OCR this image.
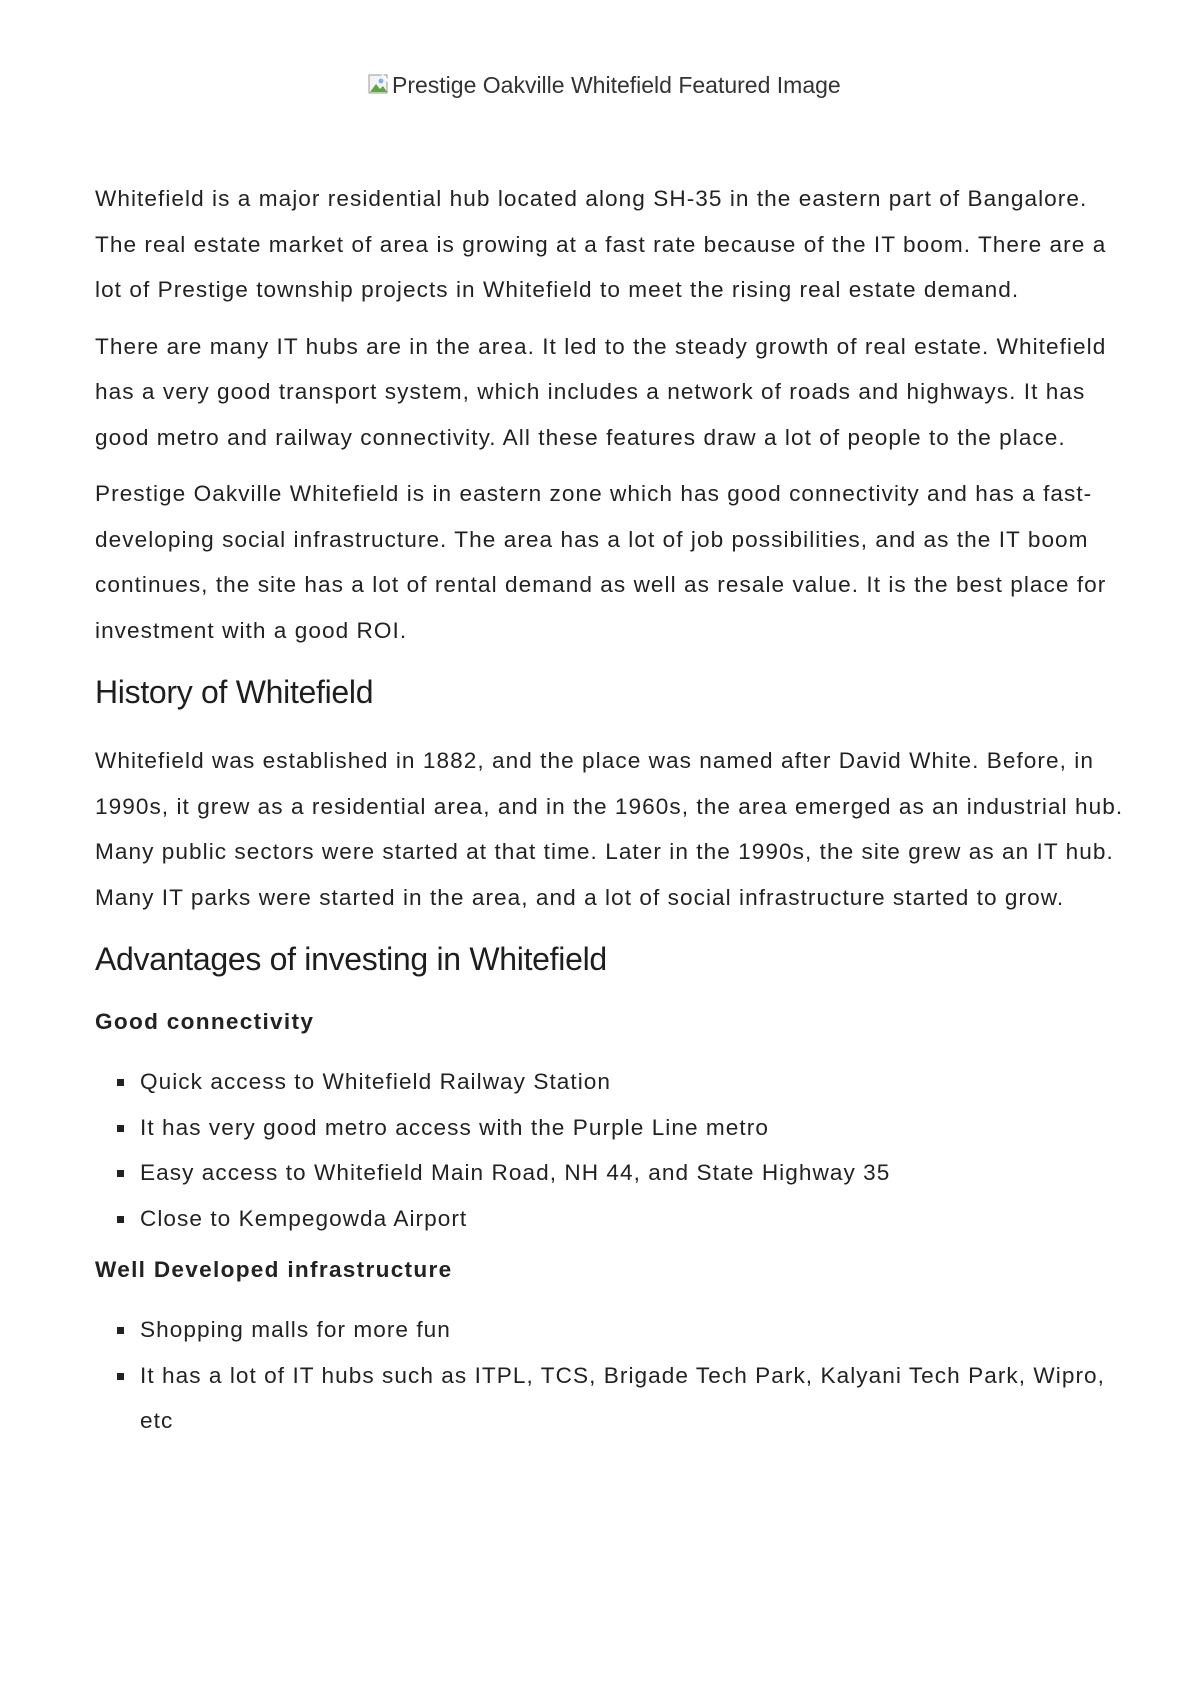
Prestige Oakville Whitefield Featured Image

Whitefield is a major residential hub located along SH-35 in the eastern part of Bangalore. The real estate market of area is growing at a fast rate because of the IT boom. There are a lot of Prestige township projects in Whitefield to meet the rising real estate demand.

There are many IT hubs are in the area. It led to the steady growth of real estate. Whitefield has a very good transport system, which includes a network of roads and highways. It has good metro and railway connectivity. All these features draw a lot of people to the place.

Prestige Oakville Whitefield is in eastern zone which has good connectivity and has a fast- developing social infrastructure. The area has a lot of job possibilities, and as the IT boom continues, the site has a lot of rental demand as well as resale value. It is the best place for investment with a good ROI.

History of Whitefield

Whitefield was established in 1882, and the place was named after David White. Before, in 1990s, it grew as a residential area, and in the 1960s, the area emerged as an industrial hub. Many public sectors were started at that time. Later in the 1990s, the site grew as an IT hub. Many IT parks were started in the area, and a lot of social infrastructure started to grow.

Advantages of investing in Whitefield
Good connectivity
Quick access to Whitefield Railway Station
It has very good metro access with the Purple Line metro
Easy access to Whitefield Main Road, NH 44, and State Highway 35
Close to Kempegowda Airport
Well Developed infrastructure
Shopping malls for more fun
It has a lot of IT hubs such as ITPL, TCS, Brigade Tech Park, Kalyani Tech Park, Wipro, etc
